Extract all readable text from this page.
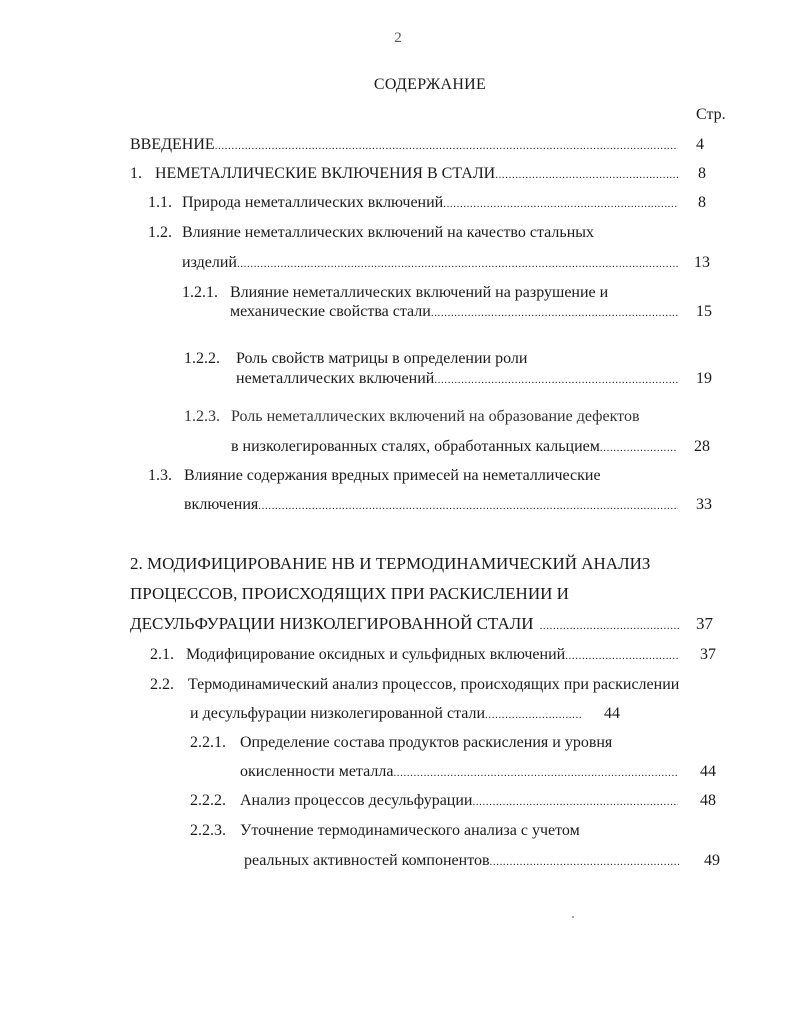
2
СОДЕРЖАНИЕ
Стр.
ВВЕДЕНИЕ .....	4
1. НЕМЕТАЛЛИЧЕСКИЕ ВКЛЮЧЕНИЯ В СТАЛИ .....	8
1.1. Природа неметаллических включений .....	8
1.2. Влияние неметаллических включений на качество стальных
изделий .....	13
1.2.1. Влияние неметаллических включений на разрушение и
механические свойства стали .....	15
1.2.2. Роль свойств матрицы в определении роли
неметаллических включений .....	19
1.2.3. Роль неметаллических включений на образование дефектов
в низколегированных сталях, обработанных кальцием .....	28
1.3. Влияние содержания вредных примесей на неметаллические
включения .....	33
2. МОДИФИЦИРОВАНИЕ НВ И ТЕРМОДИНАМИЧЕСКИЙ АНАЛИЗ
ПРОЦЕССОВ, ПРОИСХОДЯЩИХ ПРИ РАСКИСЛЕНИИ И
ДЕСУЛЬФУРАЦИИ НИЗКОЛЕГИРОВАННОЙ СТАЛИ .....	37
2.1. Модифицирование оксидных и сульфидных включений .....	37
2.2. Термодинамический анализ процессов, происходящих при раскислении
и десульфурации низколегированной стали .....	44
2.2.1. Определение состава продуктов раскисления и уровня
окисленности металла .....	44
2.2.2. Анализ процессов десульфурации .....	48
2.2.3. Уточнение термодинамического анализа с учетом
реальных активностей компонентов .....	49
